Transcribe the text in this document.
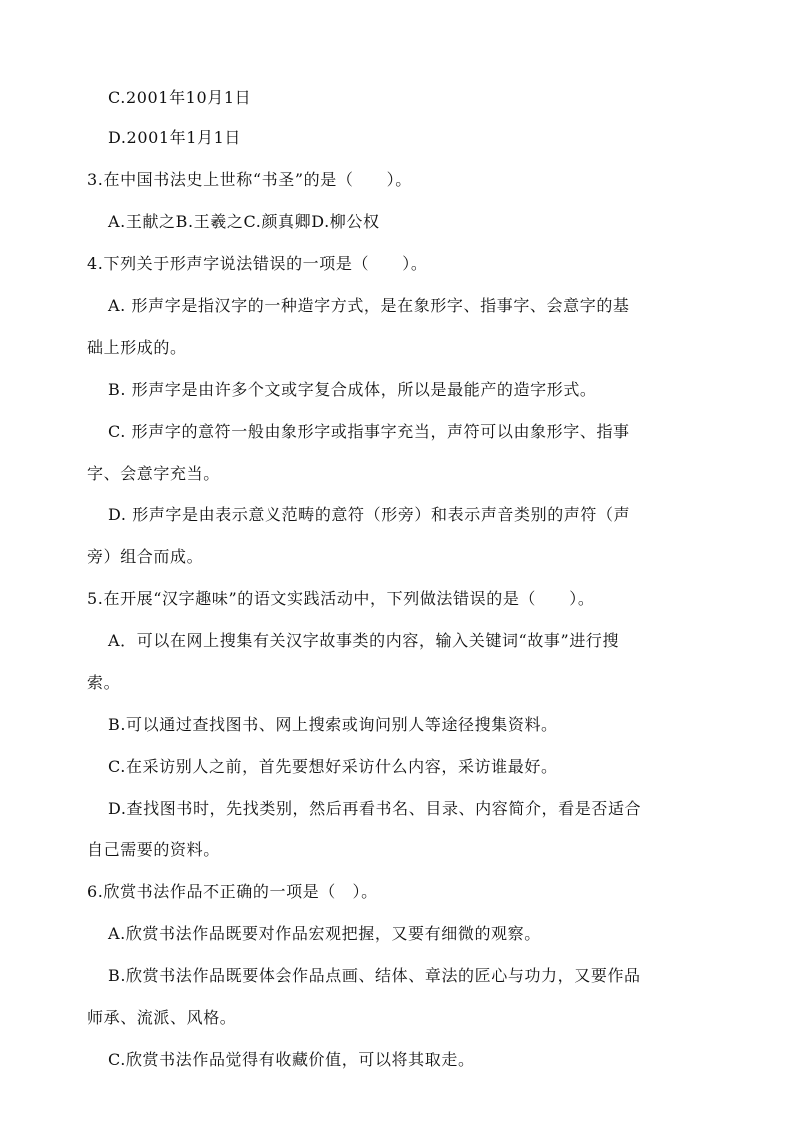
C.2001年10月1日
D.2001年1月1日
3.在中国书法史上世称“书圣”的是（　　）。
A.王献之B.王羲之C.颜真卿D.柳公权
4.下列关于形声字说法错误的一项是（　　）。
A. 形声字是指汉字的一种造字方式，是在象形字、指事字、会意字的基
础上形成的。
B. 形声字是由许多个文或字复合成体，所以是最能产的造字形式。
C. 形声字的意符一般由象形字或指事字充当，声符可以由象形字、指事
字、会意字充当。
D. 形声字是由表示意义范畴的意符（形旁）和表示声音类别的声符（声
旁）组合而成。
5.在开展“汉字趣味”的语文实践活动中，下列做法错误的是（　　）。
A．可以在网上搜集有关汉字故事类的内容，输入关键词“故事”进行搜
索。
B.可以通过查找图书、网上搜索或询问别人等途径搜集资料。
C.在采访别人之前，首先要想好采访什么内容，采访谁最好。
D.查找图书时，先找类别，然后再看书名、目录、内容简介，看是否适合
自己需要的资料。
6.欣赏书法作品不正确的一项是（　）。
A.欣赏书法作品既要对作品宏观把握，又要有细微的观察。
B.欣赏书法作品既要体会作品点画、结体、章法的匠心与功力，又要作品
师承、流派、风格。
C.欣赏书法作品觉得有收藏价值，可以将其取走。
